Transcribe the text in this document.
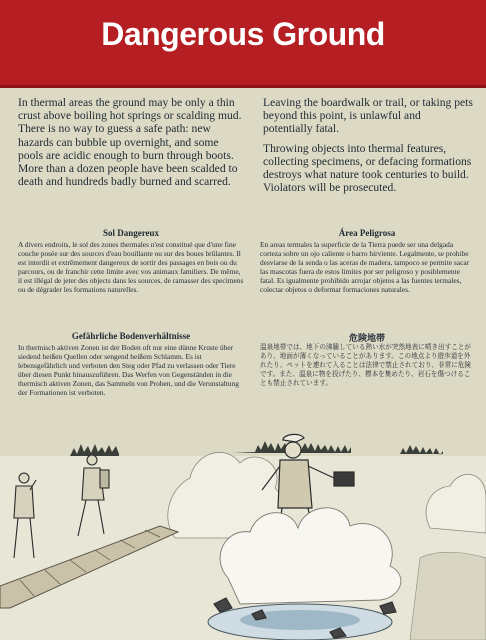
Dangerous Ground

In thermal areas the ground may be only a thin crust above boiling hot springs or scalding mud. There is no way to guess a safe path: new hazards can bubble up overnight, and some pools are acidic enough to burn through boots. More than a dozen people have been scalded to death and hundreds badly burned and scarred.

Leaving the boardwalk or trail, or taking pets beyond this point, is unlawful and potentially fatal.

Throwing objects into thermal features, collecting specimens, or defacing formations destroys what nature took centuries to build. Violators will be prosecuted.

Sol Dangereux
A divers endroits, le sol des zones thermales n'est constitué que d'une fine couche posée sur des sources d'eau bouillante ou sur des boues brûlantes. Il est interdit et extrêmement dangereux de sortir des passages en bois ou du parcours, ou de franchir cette limite avec vos animaux familiers. De même, il est illégal de jeter des objects dans les sources, de ramasser des specimens ou de dégrader les formations naturelles.
Área Peligrosa
En areas termales la superficie de la Tierra puede ser una delgada corteza sobre un ojo caliente o barro hirviente. Legalmente, se prohibe desviarse de la senda o las aceras de madera, tampoco se permite sacar las mascotas fuera de estos limites por ser peligroso y posiblemente fatal. Es igualmente prohibido arrojar objetos a las fuentes termales, colectar objetos o deformar formaciones naturales.
Gefährliche Bodenverhältnisse
In thermisch aktiven Zonen ist der Boden oft nur eine dünne Kruste über siedend heißen Quellen oder sengend heißem Schlamm. Es ist lebensgefährlich und verboten den Steg oder Pfad zu verlassen oder Tiere über diesen Punkt hinauszuführen. Das Werfen von Gegenständen in die thermisch aktiven Zonen, das Sammeln von Proben, und die Verunstaltung der Formationen ist verboten.
危険地帯
温泉地帯では、地下の沸騰している熱い水が突然地表に噴き出すことがあり、地面が薄くなっていることがあります。この地点より遊歩道を外れたり、ペットを連れて入ることは法律で禁止されており、非常に危険です。また、温泉に物を投げたり、標本を集めたり、岩石を傷つけることも禁止されています。
